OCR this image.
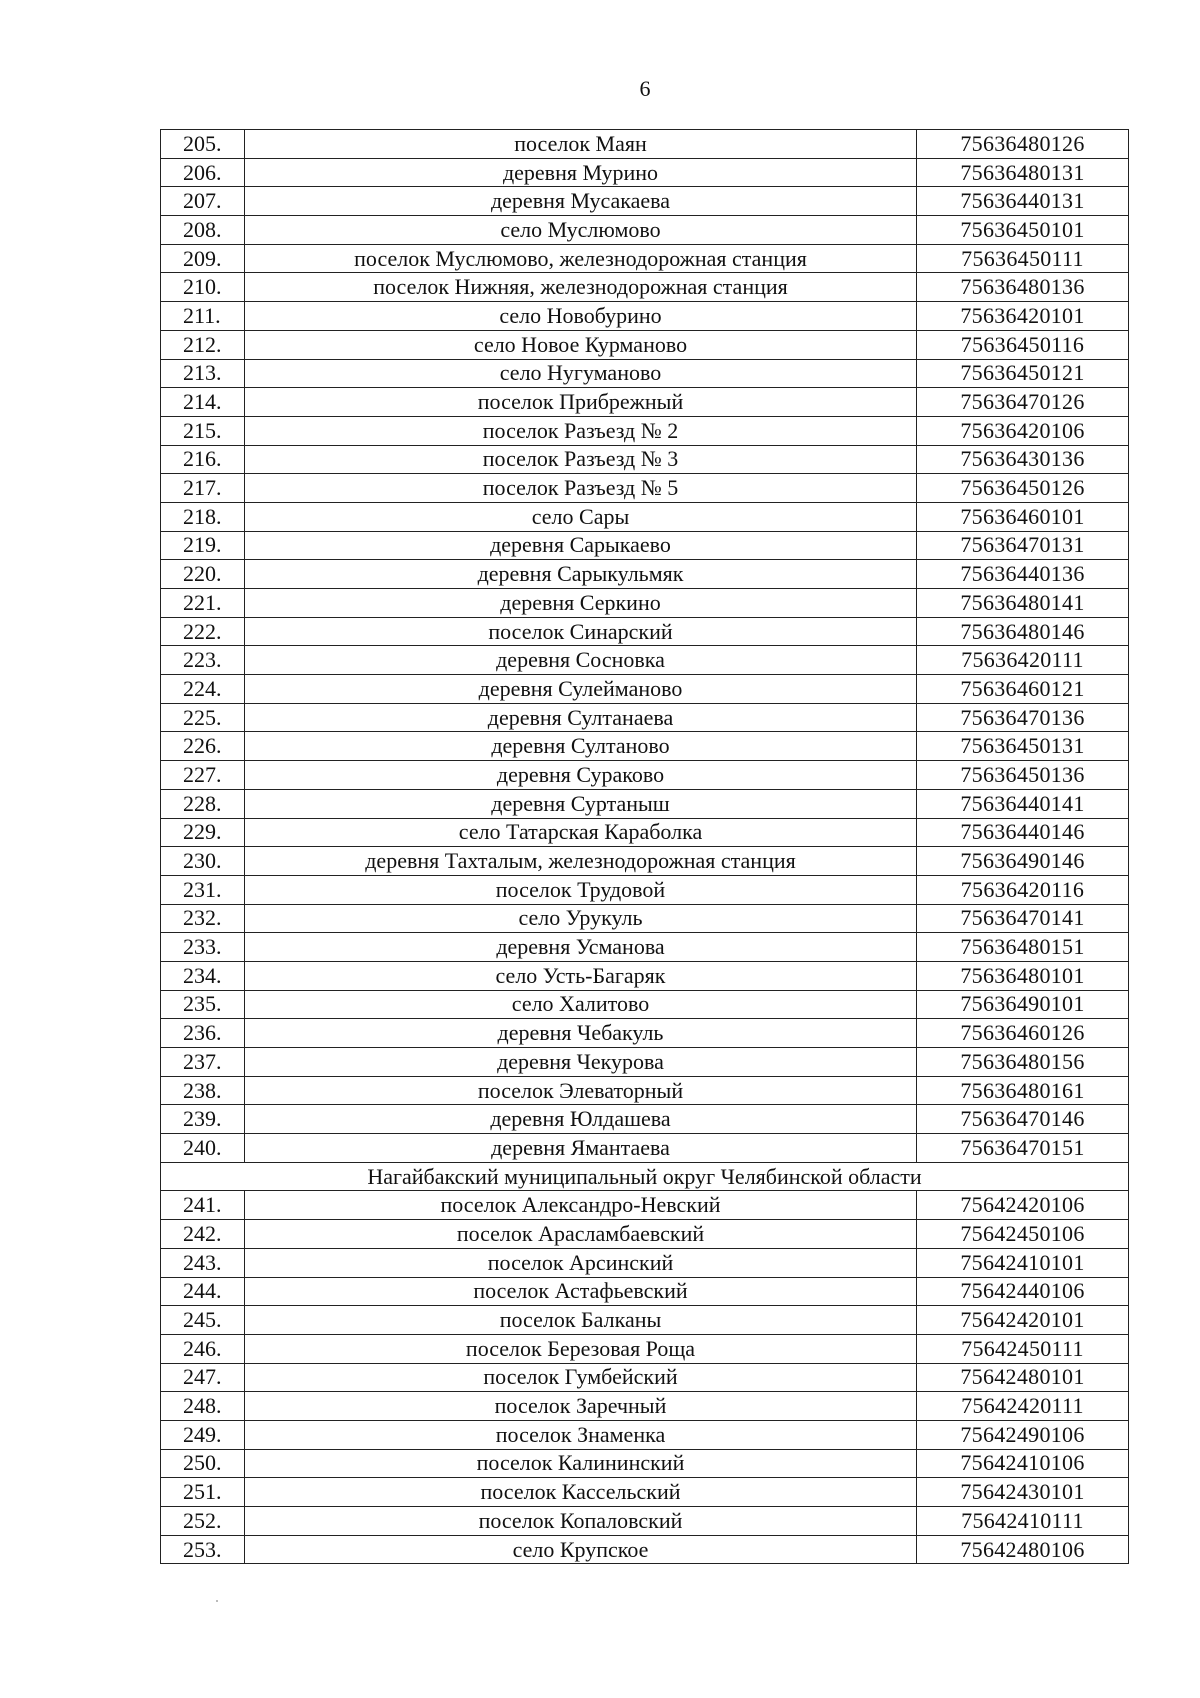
6
205.	поселок Маян	75636480126
206.	деревня Мурино	75636480131
207.	деревня Мусакаева	75636440131
208.	село Муслюмово	75636450101
209.	поселок Муслюмово, железнодорожная станция	75636450111
210.	поселок Нижняя, железнодорожная станция	75636480136
211.	село Новобурино	75636420101
212.	село Новое Курманово	75636450116
213.	село Нугуманово	75636450121
214.	поселок Прибрежный	75636470126
215.	поселок Разъезд № 2	75636420106
216.	поселок Разъезд № 3	75636430136
217.	поселок Разъезд № 5	75636450126
218.	село Сары	75636460101
219.	деревня Сарыкаево	75636470131
220.	деревня Сарыкульмяк	75636440136
221.	деревня Серкино	75636480141
222.	поселок Синарский	75636480146
223.	деревня Сосновка	75636420111
224.	деревня Сулейманово	75636460121
225.	деревня Султанаева	75636470136
226.	деревня Султаново	75636450131
227.	деревня Сураково	75636450136
228.	деревня Суртаныш	75636440141
229.	село Татарская Караболка	75636440146
230.	деревня Тахталым, железнодорожная станция	75636490146
231.	поселок Трудовой	75636420116
232.	село Урукуль	75636470141
233.	деревня Усманова	75636480151
234.	село Усть-Багаряк	75636480101
235.	село Халитово	75636490101
236.	деревня Чебакуль	75636460126
237.	деревня Чекурова	75636480156
238.	поселок Элеваторный	75636480161
239.	деревня Юлдашева	75636470146
240.	деревня Ямантаева	75636470151
Нагайбакский муниципальный округ Челябинской области		
241.	поселок Александро-Невский	75642420106
242.	поселок Арасламбаевский	75642450106
243.	поселок Арсинский	75642410101
244.	поселок Астафьевский	75642440106
245.	поселок Балканы	75642420101
246.	поселок Березовая Роща	75642450111
247.	поселок Гумбейский	75642480101
248.	поселок Заречный	75642420111
249.	поселок Знаменка	75642490106
250.	поселок Калининский	75642410106
251.	поселок Кассельский	75642430101
252.	поселок Копаловский	75642410111
253.	село Крупское	75642480106
